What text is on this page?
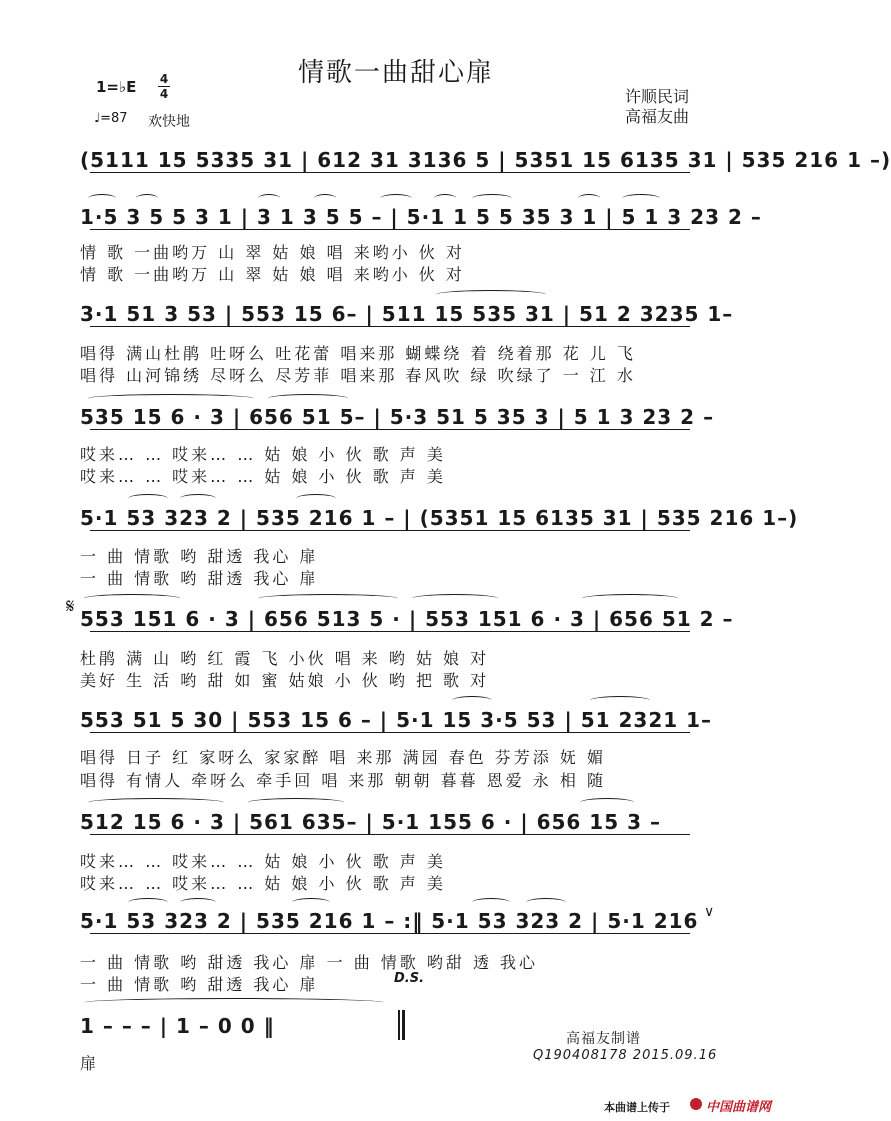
情歌一曲甜心扉
1=♭E 4
4
♩=87 欢快地
许顺民词
高福友曲
(5111 15 5335 31 | 612 31 3136 5 | 5351 15 6135 31 | 535 216 1 –)
1·5 3 5 5 3 1 | 3 1 3 5 5 – | 5·1 1 5 5 35 3 1 | 5 1 3 23 2 –
3·1 51 3 53 | 553 15 6– | 511 15 535 31 | 51 2 3235 1–
535 15 6 · 3 | 656 51 5– | 5·3 51 5 35 3 | 5 1 3 23 2 –
5·1 53 323 2 | 535 216 1 – | (5351 15 6135 31 | 535 216 1–)
553 151 6 · 3 | 656 513 5 · | 553 151 6 · 3 | 656 51 2 –
553 51 5 30 | 553 15 6 – | 5·1 15 3·5 53 | 51 2321 1–
512 15 6 · 3 | 561 635– | 5·1 155 6 · | 656 15 3 –
5·1 53 323 2 | 535 216 1 – :‖ 5·1 53 323 2 | 5·1 216
1 – – – | 1 – 0 0 ‖
情 歌 一曲哟万 山 翠 姑 娘 唱 来哟小 伙 对
情 歌 一曲哟万 山 翠 姑 娘 唱 来哟小 伙 对
唱得 满山杜鹃 吐呀么 吐花蕾 唱来那 蝴蝶绕 着 绕着那 花 儿 飞
唱得 山河锦绣 尽呀么 尽芳菲 唱来那 春风吹 绿 吹绿了 一 江 水
哎来… … 哎来… … 姑 娘 小 伙 歌 声 美
哎来… … 哎来… … 姑 娘 小 伙 歌 声 美
一 曲 情歌 哟 甜透 我心 扉
一 曲 情歌 哟 甜透 我心 扉
杜鹃 满 山 哟 红 霞 飞 小伙 唱 来 哟 姑 娘 对
美好 生 活 哟 甜 如 蜜 姑娘 小 伙 哟 把 歌 对
唱得 日子 红 家呀么 家家醉 唱 来那 满园 春色 芬芳添 妩 媚
唱得 有情人 牵呀么 牵手回 唱 来那 朝朝 暮暮 恩爱 永 相 随
哎来… … 哎来… … 姑 娘 小 伙 歌 声 美
哎来… … 哎来… … 姑 娘 小 伙 歌 声 美
一 曲 情歌 哟 甜透 我心 扉 一 曲 情歌 哟甜 透 我心
一 曲 情歌 哟 甜透 我心 扉
扉
𝄋
D.S.
∨
高福友制谱
Q190408178 2015.09.16
本曲谱上传于	中国曲谱网
